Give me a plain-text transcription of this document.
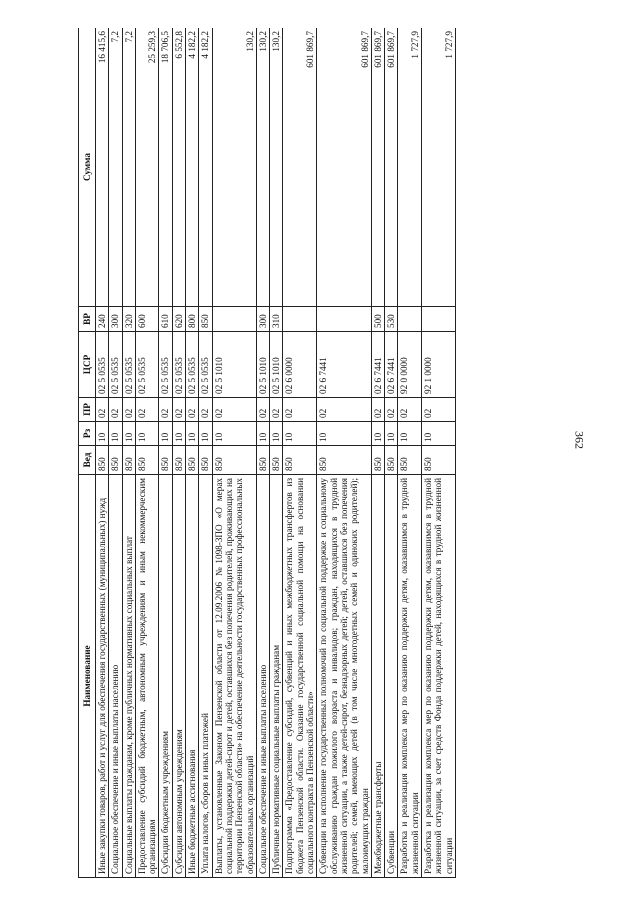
362
Наименование	Вед	Рз	ПР	ЦСР	ВР	Сумма
Иные закупки товаров, работ и услуг для обеспечения государственных (муниципальных) нужд	850	10	02	02 5 0535	240	16 415,6
Социальное обеспечение и иные выплаты населению	850	10	02	02 5 0535	300	7,2
Социальные выплаты гражданам, кроме публичных нормативных социальных выплат	850	10	02	02 5 0535	320	7,2
Предоставление субсидий бюджетным, автономным учреждениям и иным некоммерческим организациям	850	10	02	02 5 0535	600	25 259,3
Субсидии бюджетным учреждениям	850	10	02	02 5 0535	610	18 706,5
Субсидии автономным учреждениям	850	10	02	02 5 0535	620	6 552,8
Иные бюджетные ассигнования	850	10	02	02 5 0535	800	4 182,2
Уплата налогов, сборов и иных платежей	850	10	02	02 5 0535	850	4 182,2
Выплаты, установленные Законом Пензенской области от 12.09.2006 №1098-ЗПО «О мерах социальной поддержки детей-сирот и детей, оставшихся без попечения родителей, проживающих на территории Пензенской области» на обеспечение деятельности государственных профессиональных образовательных организаций	850	10	02	02 5 1010		130,2
Социальное обеспечение и иные выплаты населению	850	10	02	02 5 1010	300	130,2
Публичные нормативные социальные выплаты гражданам	850	10	02	02 5 1010	310	130,2
Подпрограмма «Предоставление субсидий, субвенций и иных межбюджетных трансфертов из бюджета Пензенской области. Оказание государственной социальной помощи на основании социального контракта в Пензенской области»	850	10	02	02 6 0000		601 869,7
Субвенции на исполнение государственных полномочий по социальной поддержке и социальному обслуживанию граждан пожилого возраста и инвалидов; граждан, находящихся в трудной жизненной ситуации, а также детей-сирот, безнадзорных детей; детей, оставшихся без попечения родителей; семей, имеющих детей (в том числе многодетных семей и одиноких родителей); малоимущих граждан	850	10	02	02 6 7441		601 869,7
Межбюджетные трансферты	850	10	02	02 6 7441	500	601 869,7
Субвенции	850	10	02	02 6 7441	530	601 869,7
Разработка и реализация комплекса мер по оказанию поддержки детям, оказавшимся в трудной жизненной ситуации	850	10	02	92 0 0000		1 727,9
Разработка и реализация комплекса мер по оказанию поддержки детям, оказавшимся в трудной жизненной ситуации, за счет средств Фонда поддержки детей, находящихся в трудной жизненной ситуации	850	10	02	92 1 0000		1 727,9
